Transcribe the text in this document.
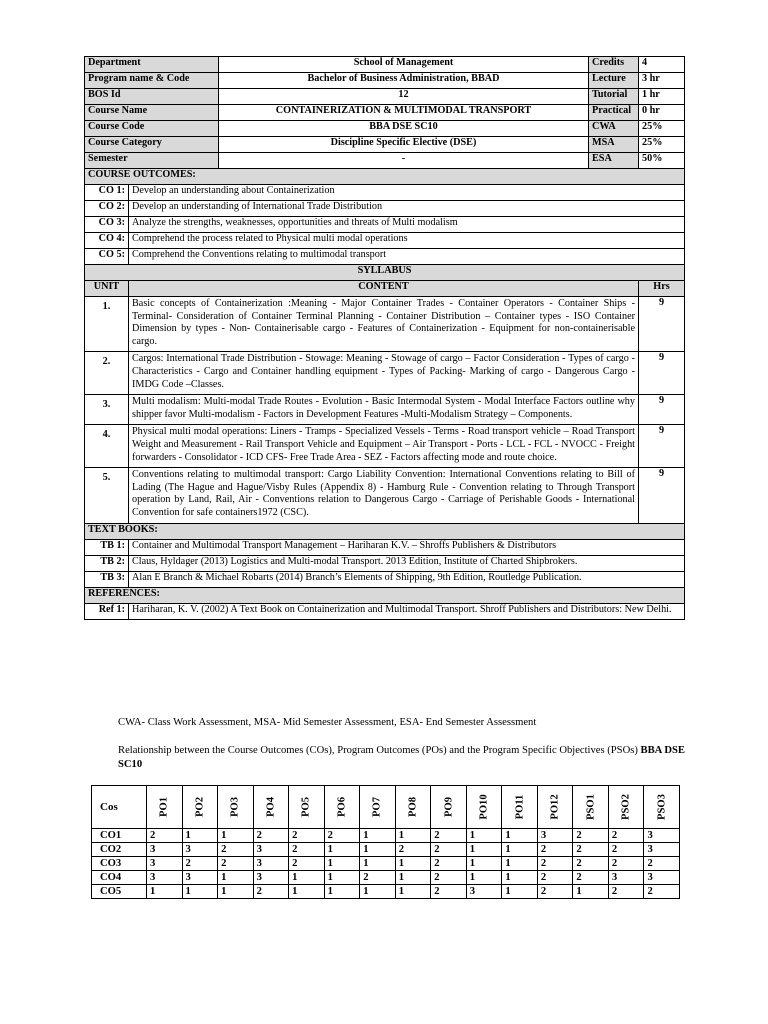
Department		School of Management	Credits	4
Program name & Code		Bachelor of Business Administration, BBAD	Lecture	3 hr
BOS Id		12	Tutorial	1 hr
Course Name		CONTAINERIZATION & MULTIMODAL TRANSPORT	Practical	0 hr
Course Code		BBA DSE SC10	CWA	25%
Course Category		Discipline Specific Elective (DSE)	MSA	25%
Semester		-	ESA	50%
COURSE OUTCOMES:				
CO 1:	Develop an understanding about Containerization			
CO 2:	Develop an understanding of International Trade Distribution			
CO 3:	Analyze the strengths, weaknesses, opportunities and threats of Multi modalism			
CO 4:	Comprehend the process related to Physical multi modal operations			
CO 5:	Comprehend the Conventions relating to multimodal transport			
SYLLABUS				
UNIT	CONTENT			Hrs
1.	Basic concepts of Containerization :Meaning - Major Container Trades - Container Operators - Container Ships - Terminal- Consideration of Container Terminal Planning - Container Distribution – Container types - ISO Container Dimension by types - Non- Containerisable cargo - Features of Containerization - Equipment for non-containerisable cargo.			9
2.	Cargos: International Trade Distribution - Stowage: Meaning - Stowage of cargo – Factor Consideration - Types of cargo - Characteristics - Cargo and Container handling equipment - Types of Packing- Marking of cargo - Dangerous Cargo - IMDG Code –Classes.			9
3.	Multi modalism: Multi-modal Trade Routes - Evolution - Basic Intermodal System - Modal Interface Factors outline why shipper favor Multi-modalism - Factors in Development Features -Multi-Modalism Strategy – Components.			9
4.	Physical multi modal operations: Liners - Tramps - Specialized Vessels - Terms - Road transport vehicle – Road Transport Weight and Measurement - Rail Transport Vehicle and Equipment – Air Transport - Ports - LCL - FCL - NVOCC - Freight forwarders - Consolidator - ICD CFS- Free Trade Area - SEZ - Factors affecting mode and route choice.			9
5.	Conventions relating to multimodal transport: Cargo Liability Convention: International Conventions relating to Bill of Lading (The Hague and Hague/Visby Rules (Appendix 8) - Hamburg Rule - Convention relating to Through Transport operation by Land, Rail, Air - Conventions relation to Dangerous Cargo - Carriage of Perishable Goods - International Convention for safe containers1972 (CSC).			9
TEXT BOOKS:				
TB 1:	Container and Multimodal Transport Management – Hariharan K.V. – Shroffs Publishers & Distributors			
TB 2:	Claus, Hyldager (2013) Logistics and Multi-modal Transport. 2013 Edition, Institute of Charted Shipbrokers.			
TB 3:	Alan E Branch & Michael Robarts (2014) Branch’s Elements of Shipping, 9th Edition, Routledge Publication.			
REFERENCES:				
Ref 1:	Hariharan, K. V. (2002) A Text Book on Containerization and Multimodal Transport. Shroff Publishers and Distributors: New Delhi.			
CWA- Class Work Assessment, MSA- Mid Semester Assessment, ESA- End Semester Assessment
Relationship between the Course Outcomes (COs), Program Outcomes (POs) and the Program Specific Objectives (PSOs) BBA DSE SC10
Cos	PO1	PO2	PO3	PO4	PO5	PO6	PO7	PO8	PO9	PO10	PO11	PO12	PSO1	PSO2	PSO3

CO1	2	1	1	2	2	2	1	1	2	1	1	3	2	2	3
CO2	3	3	2	3	2	1	1	2	2	1	1	2	2	2	3
CO3	3	2	2	3	2	1	1	1	2	1	1	2	2	2	2
CO4	3	3	1	3	1	1	2	1	2	1	1	2	2	3	3
CO5	1	1	1	2	1	1	1	1	2	3	1	2	1	2	2
